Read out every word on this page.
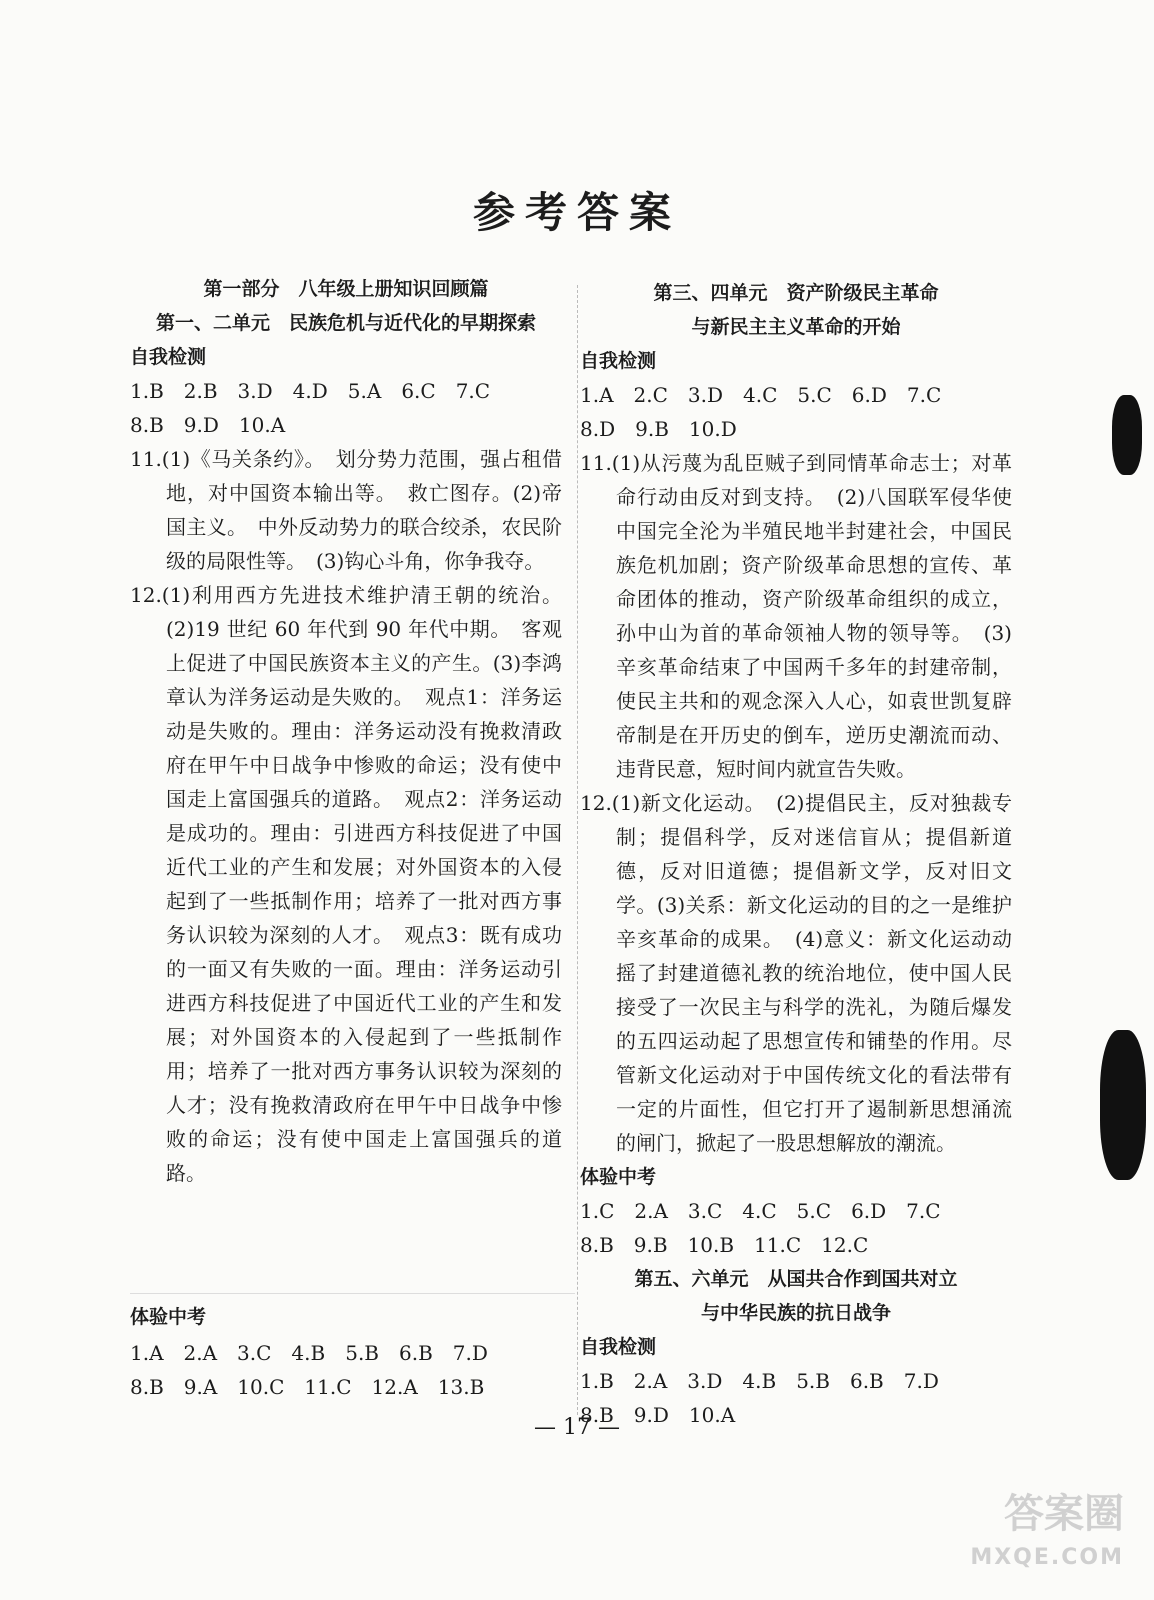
参考答案
第一部分　八年级上册知识回顾篇
第一、二单元　民族危机与近代化的早期探索
自我检测
1.B　2.B　3.D　4.D　5.A　6.C　7.C
8.B　9.D　10.A
11.(1)《马关条约》。　划分势力范围，强占租借地，对中国资本输出等。　救亡图存。(2)帝国主义。　中外反动势力的联合绞杀，农民阶级的局限性等。　(3)钩心斗角，你争我夺。
12.(1)利用西方先进技术维护清王朝的统治。(2)19 世纪 60 年代到 90 年代中期。　客观上促进了中国民族资本主义的产生。(3)李鸿章认为洋务运动是失败的。　观点1：洋务运动是失败的。理由：洋务运动没有挽救清政府在甲午中日战争中惨败的命运；没有使中国走上富国强兵的道路。　观点2：洋务运动是成功的。理由：引进西方科技促进了中国近代工业的产生和发展；对外国资本的入侵起到了一些抵制作用；培养了一批对西方事务认识较为深刻的人才。　观点3：既有成功的一面又有失败的一面。理由：洋务运动引进西方科技促进了中国近代工业的产生和发展；对外国资本的入侵起到了一些抵制作用；培养了一批对西方事务认识较为深刻的人才；没有挽救清政府在甲午中日战争中惨败的命运；没有使中国走上富国强兵的道路。
体验中考
1.A　2.A　3.C　4.B　5.B　6.B　7.D
8.B　9.A　10.C　11.C　12.A　13.B
第三、四单元　资产阶级民主革命
与新民主主义革命的开始
自我检测
1.A　2.C　3.D　4.C　5.C　6.D　7.C
8.D　9.B　10.D
11.(1)从污蔑为乱臣贼子到同情革命志士；对革命行动由反对到支持。　(2)八国联军侵华使中国完全沦为半殖民地半封建社会，中国民族危机加剧；资产阶级革命思想的宣传、革命团体的推动，资产阶级革命组织的成立，孙中山为首的革命领袖人物的领导等。　(3)辛亥革命结束了中国两千多年的封建帝制，使民主共和的观念深入人心，如袁世凯复辟帝制是在开历史的倒车，逆历史潮流而动、违背民意，短时间内就宣告失败。
12.(1)新文化运动。　(2)提倡民主，反对独裁专制；提倡科学，反对迷信盲从；提倡新道德，反对旧道德；提倡新文学，反对旧文学。(3)关系：新文化运动的目的之一是维护辛亥革命的成果。　(4)意义：新文化运动动摇了封建道德礼教的统治地位，使中国人民接受了一次民主与科学的洗礼，为随后爆发的五四运动起了思想宣传和铺垫的作用。尽管新文化运动对于中国传统文化的看法带有一定的片面性，但它打开了遏制新思想涌流的闸门，掀起了一股思想解放的潮流。
体验中考
1.C　2.A　3.C　4.C　5.C　6.D　7.C
8.B　9.B　10.B　11.C　12.C
第五、六单元　从国共合作到国共对立
与中华民族的抗日战争
自我检测
1.B　2.A　3.D　4.B　5.B　6.B　7.D
8.B　9.D　10.A
— 17 —
答案圈
MXQE.COM
